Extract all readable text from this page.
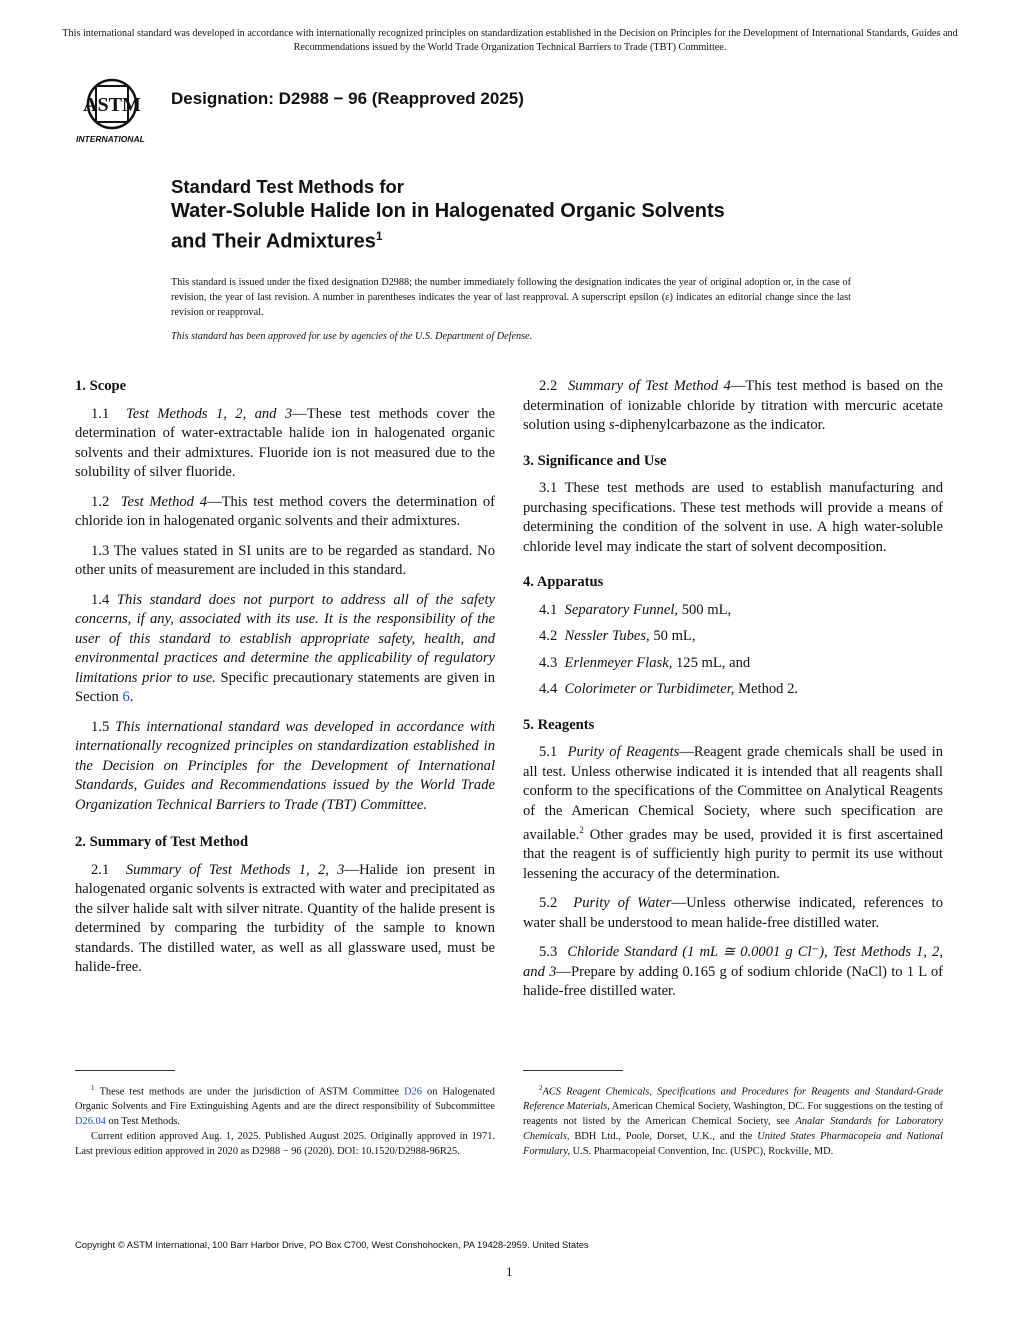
This international standard was developed in accordance with internationally recognized principles on standardization established in the Decision on Principles for the Development of International Standards, Guides and Recommendations issued by the World Trade Organization Technical Barriers to Trade (TBT) Committee.
ASTM
INTERNATIONAL
Designation: D2988 − 96 (Reapproved 2025)
Standard Test Methods for
Water-Soluble Halide Ion in Halogenated Organic Solvents
and Their Admixtures$^1$
This standard is issued under the fixed designation D2988; the number immediately following the designation indicates the year of original adoption or, in the case of revision, the year of last revision. A number in parentheses indicates the year of last reapproval. A superscript epsilon (ε) indicates an editorial change since the last revision or reapproval.
This standard has been approved for use by agencies of the U.S. Department of Defense.
1. Scope

1.1 Test Methods 1, 2, and 3—These test methods cover the determination of water-extractable halide ion in halogenated organic solvents and their admixtures. Fluoride ion is not measured due to the solubility of silver fluoride.

1.2 Test Method 4—This test method covers the determination of chloride ion in halogenated organic solvents and their admixtures.

1.3 The values stated in SI units are to be regarded as standard. No other units of measurement are included in this standard.

1.4 This standard does not purport to address all of the safety concerns, if any, associated with its use. It is the responsibility of the user of this standard to establish appropriate safety, health, and environmental practices and determine the applicability of regulatory limitations prior to use. Specific precautionary statements are given in Section 6.

1.5 This international standard was developed in accordance with internationally recognized principles on standardization established in the Decision on Principles for the Development of International Standards, Guides and Recommendations issued by the World Trade Organization Technical Barriers to Trade (TBT) Committee.

2. Summary of Test Method

2.1 Summary of Test Methods 1, 2, 3—Halide ion present in halogenated organic solvents is extracted with water and precipitated as the silver halide salt with silver nitrate. Quantity of the halide present is determined by comparing the turbidity of the sample to known standards. The distilled water, as well as all glassware used, must be halide-free.

2.2 Summary of Test Method 4—This test method is based on the determination of ionizable chloride by titration with mercuric acetate solution using s-diphenylcarbazone as the indicator.

3. Significance and Use

3.1 These test methods are used to establish manufacturing and purchasing specifications. These test methods will provide a means of determining the condition of the solvent in use. A high water-soluble chloride level may indicate the start of solvent decomposition.

4. Apparatus
4.1 Separatory Funnel, 500 mL,
4.2 Nessler Tubes, 50 mL,
4.3 Erlenmeyer Flask, 125 mL, and
4.4 Colorimeter or Turbidimeter, Method 2.
5. Reagents

5.1 Purity of Reagents—Reagent grade chemicals shall be used in all test. Unless otherwise indicated it is intended that all reagents shall conform to the specifications of the Committee on Analytical Reagents of the American Chemical Society, where such specification are available.$^2$ Other grades may be used, provided it is first ascertained that the reagent is of sufficiently high purity to permit its use without lessening the accuracy of the determination.

5.2 Purity of Water—Unless otherwise indicated, references to water shall be understood to mean halide-free distilled water.

5.3 Chloride Standard (1 mL ≅ 0.0001 g Cl⁻), Test Methods 1, 2, and 3—Prepare by adding 0.165 g of sodium chloride (NaCl) to 1 L of halide-free distilled water.

$^1$ These test methods are under the jurisdiction of ASTM Committee D26 on Halogenated Organic Solvents and Fire Extinguishing Agents and are the direct responsibility of Subcommittee D26.04 on Test Methods.

Current edition approved Aug. 1, 2025. Published August 2025. Originally approved in 1971. Last previous edition approved in 2020 as D2988 − 96 (2020). DOI: 10.1520/D2988-96R25.

$^2$ACS Reagent Chemicals, Specifications and Procedures for Reagents and Standard-Grade Reference Materials, American Chemical Society, Washington, DC. For suggestions on the testing of reagents not listed by the American Chemical Society, see Analar Standards for Laboratory Chemicals, BDH Ltd., Poole, Dorset, U.K., and the United States Pharmacopeia and National Formulary, U.S. Pharmacopeial Convention, Inc. (USPC), Rockville, MD.

Copyright © ASTM International, 100 Barr Harbor Drive, PO Box C700, West Conshohocken, PA 19428-2959. United States
1
